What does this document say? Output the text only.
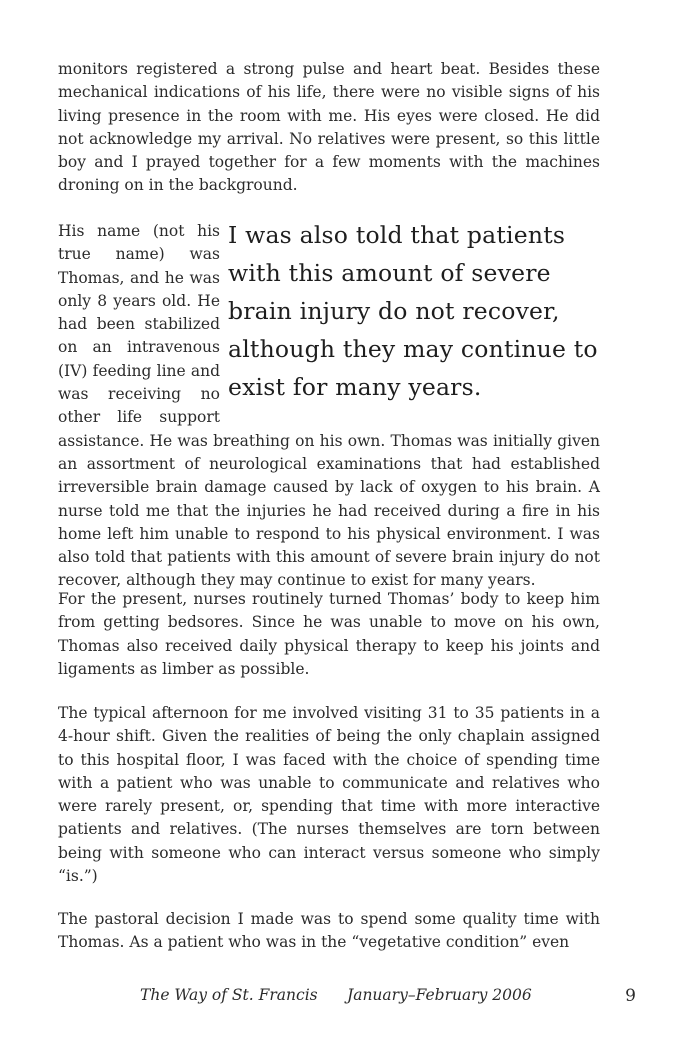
monitors registered a strong pulse and heart beat. Besides these mechanical indications of his life, there were no visible signs of his living presence in the room with me. His eyes were closed. He did not acknowledge my arrival. No relatives were present, so this little boy and I prayed together for a few moments with the machines droning on in the background.

I was also told that patients with this amount of severe brain injury do not recover, although they may continue to exist for many years.
His name (not his true name) was Thomas, and he was only 8 years old. He had been stabilized on an intravenous (IV) feeding line and was receiving no other life support assistance. He was breathing on his own. Thomas was initially given an assortment of neurological examinations that had established irreversible brain damage caused by lack of oxygen to his brain. A nurse told me that the injuries he had received during a fire in his home left him unable to respond to his physical environment. I was also told that patients with this amount of severe brain injury do not recover, although they may continue to exist for many years.

For the present, nurses routinely turned Thomas’ body to keep him from getting bedsores. Since he was unable to move on his own, Thomas also received daily physical therapy to keep his joints and ligaments as limber as possible.

The typical afternoon for me involved visiting 31 to 35 patients in a 4-hour shift. Given the realities of being the only chaplain assigned to this hospital floor, I was faced with the choice of spending time with a patient who was unable to communicate and relatives who were rarely present, or, spending that time with more interactive patients and relatives. (The nurses themselves are torn between being with someone who can interact versus someone who simply “is.”)

The pastoral decision I made was to spend some quality time with Thomas. As a patient who was in the “vegetative condition” even

The Way of St. Francis January–February 2006	9
